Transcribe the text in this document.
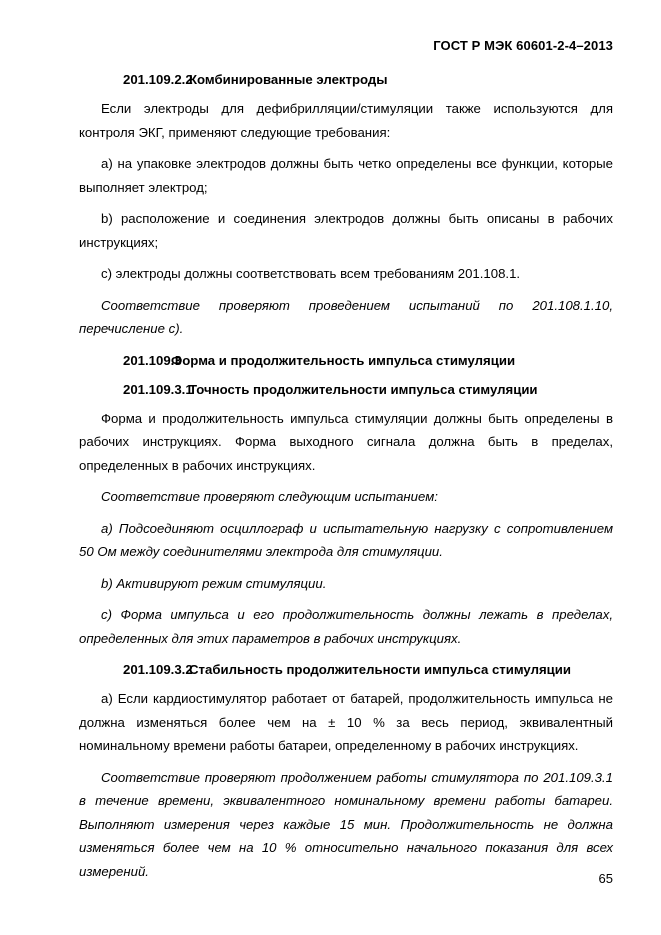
ГОСТ Р МЭК 60601-2-4–2013
201.109.2.2Комбинированные электроды

Если электроды для дефибрилляции/стимуляции также используются для контроля ЭКГ, применяют следующие требования:

а) на упаковке электродов должны быть четко определены все функции, которые выполняет электрод;

b) расположение и соединения электродов должны быть описаны в рабочих инструкциях;

c) электроды должны соответствовать всем требованиям 201.108.1.

Соответствие проверяют проведением испытаний по 201.108.1.10, перечисление с).

201.109.3Форма и продолжительность импульса стимуляции
201.109.3.1Точность продолжительности импульса стимуляции

Форма и продолжительность импульса стимуляции должны быть определены в рабочих инструкциях. Форма выходного сигнала должна быть в пределах, определенных в рабочих инструкциях.

Соответствие проверяют следующим испытанием:

a) Подсоединяют осциллограф и испытательную нагрузку с сопротивлением 50 Ом между соединителями электрода для стимуляции.

b) Активируют режим стимуляции.

c) Форма импульса и его продолжительность должны лежать в пределах, определенных для этих параметров в рабочих инструкциях.

201.109.3.2Стабильность продолжительности импульса стимуляции

а) Если кардиостимулятор работает от батарей, продолжительность импульса не должна изменяться более чем на ± 10 % за весь период, эквивалентный номинальному времени работы батареи, определенному в рабочих инструкциях.

Соответствие проверяют продолжением работы стимулятора по 201.109.3.1 в течение времени, эквивалентного номинальному времени работы батареи. Выполняют измерения через каждые 15 мин. Продолжительность не должна изменяться более чем на 10 % относительно начального показания для всех измерений.	65
